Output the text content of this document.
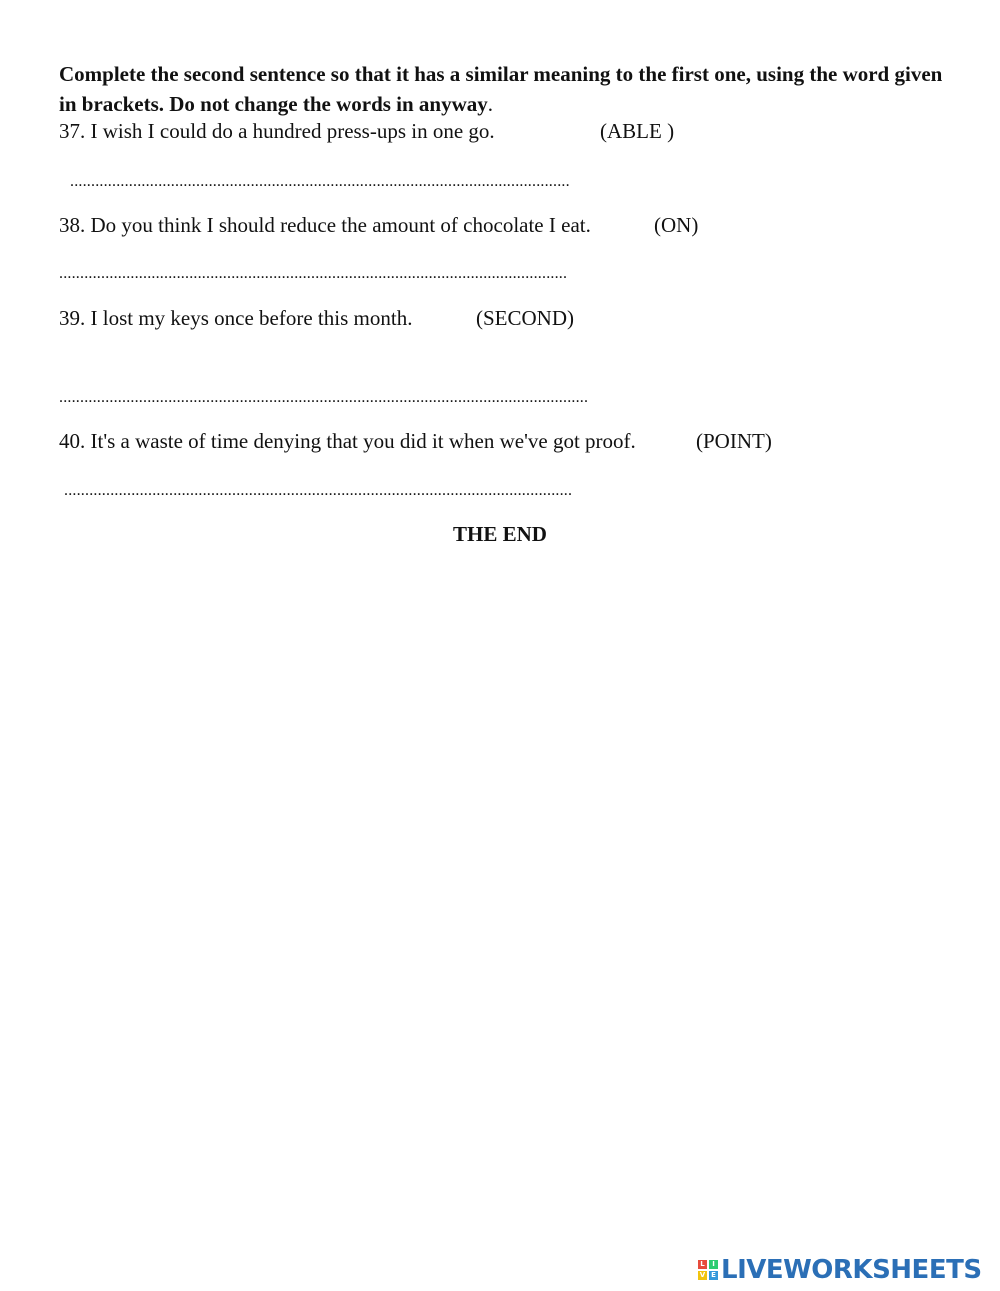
Complete the second sentence so that it has a similar meaning to the first one, using the word given in brackets. Do not change the words in anyway.

37. I wish I could do a hundred press-ups in one go.	(ABLE )
.......................................................................................................................
38. Do you think I should reduce the amount of chocolate I eat.	(ON)
.........................................................................................................................
39. I lost my keys once before this month.	(SECOND)
..............................................................................................................................
40. It's a waste of time denying that you did it when we've got proof.	(POINT)
.........................................................................................................................
THE END
L	I
V E LIVEWORKSHEETS
